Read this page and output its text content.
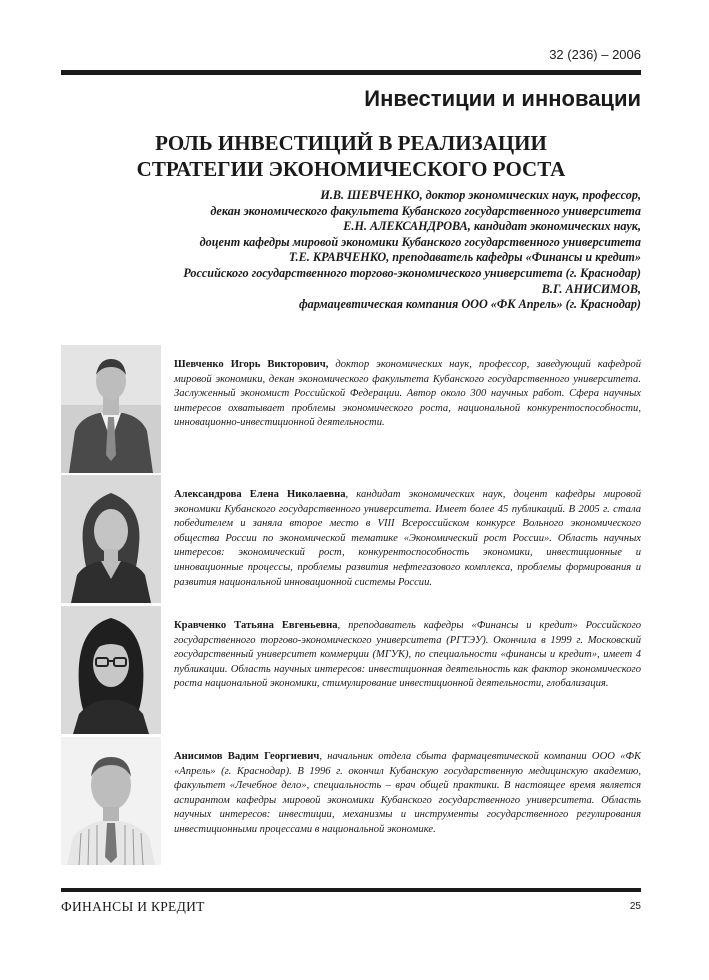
32 (236) – 2006
Инвестиции и инновации
РОЛЬ ИНВЕСТИЦИЙ В РЕАЛИЗАЦИИ
СТРАТЕГИИ ЭКОНОМИЧЕСКОГО РОСТА
И.В. ШЕВЧЕНКО, доктор экономических наук, профессор,
декан экономического факультета Кубанского государственного университета
Е.Н. АЛЕКСАНДРОВА, кандидат экономических наук,
доцент кафедры мировой экономики Кубанского государственного университета
Т.Е. КРАВЧЕНКО, преподаватель кафедры «Финансы и кредит»
Российского государственного торгово-экономического университета (г. Краснодар)
В.Г. АНИСИМОВ,
фармацевтическая компания ООО «ФК Апрель» (г. Краснодар)
Шевченко Игорь Викторович, доктор экономических наук, профессор, заведующий кафедрой мировой экономики, декан экономического факультета Кубанского государственного университета. Заслуженный экономист Российской Федерации. Автор около 300 научных работ. Сфера научных интересов охватывает проблемы экономического роста, национальной конкурентоспособности, инновационно-инвестиционной деятельности.
Александрова Елена Николаевна, кандидат экономических наук, доцент кафедры мировой экономики Кубанского государственного университета. Имеет более 45 публикаций. В 2005 г. стала победителем и заняла второе место в VIII Всероссийском конкурсе Вольного экономического общества России по экономической тематике «Экономический рост России». Область научных интересов: экономический рост, конкурентоспособность экономики, инвестиционные и инновационные процессы, проблемы развития нефтегазового комплекса, проблемы формирования и развития национальной инновационной системы России.
Кравченко Татьяна Евгеньевна, преподаватель кафедры «Финансы и кредит» Российского государственного торгово-экономического университета (РГТЭУ). Окончила в 1999 г. Московский государственный университет коммерции (МГУК), по специальности «финансы и кредит», имеет 4 публикации. Область научных интересов: инвестиционная деятельность как фактор экономического роста национальной экономики, стимулирование инвестиционной деятельности, глобализация.
Анисимов Вадим Георгиевич, начальник отдела сбыта фармацевтической компании ООО «ФК «Апрель» (г. Краснодар). В 1996 г. окончил Кубанскую государственную медицинскую академию, факультет «Лечебное дело», специальность – врач общей практики. В настоящее время является аспирантом кафедры мировой экономики Кубанского государственного университета. Область научных интересов: инвестиции, механизмы и инструменты государственного регулирования инвестиционными процессами в национальной экономике.
ФИНАНСЫ И КРЕДИТ	25
